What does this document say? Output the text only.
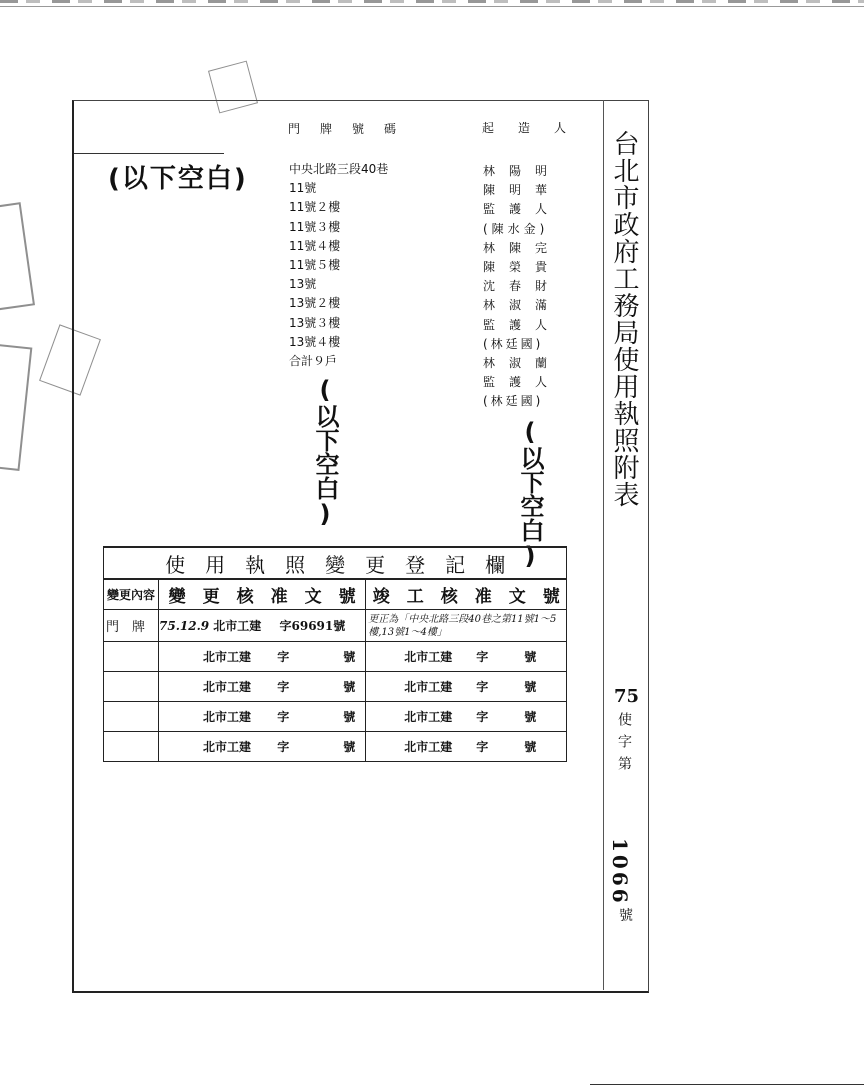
台北市政府工務局使用執照附表
門　牌　號　碼	起　造　人
(以下空白)	中央北路三段40巷
11號
11號２樓
11號３樓
11號４樓
11號５樓
13號
13號２樓
13號３樓
13號４樓
合計９戶
(以下空白)
林陽明
陳明華
監護人
(陳水金)
林陳完
陳榮貴
沈春財
林淑滿
監護人
(林廷國)
林淑蘭
監護人
(林廷國)
(以下空白)
使　用　執　照　變　更　登　記　欄		
變更內容	變　更　核　准　文　號	竣　工　核　准　文　號
門　牌	75.12.9 北市工建 字69691號	更正為「中央北路三段40巷之第11號1～5樓,13號1～4樓」
	北市工建 字　　號	北市工建　　字　　　號
	北市工建 字　　號	北市工建　　字　　　號
	北市工建 字　　號	北市工建　　字　　　號
	北市工建 字　　號	北市工建　　字　　　號
75
使字第
1066
號
